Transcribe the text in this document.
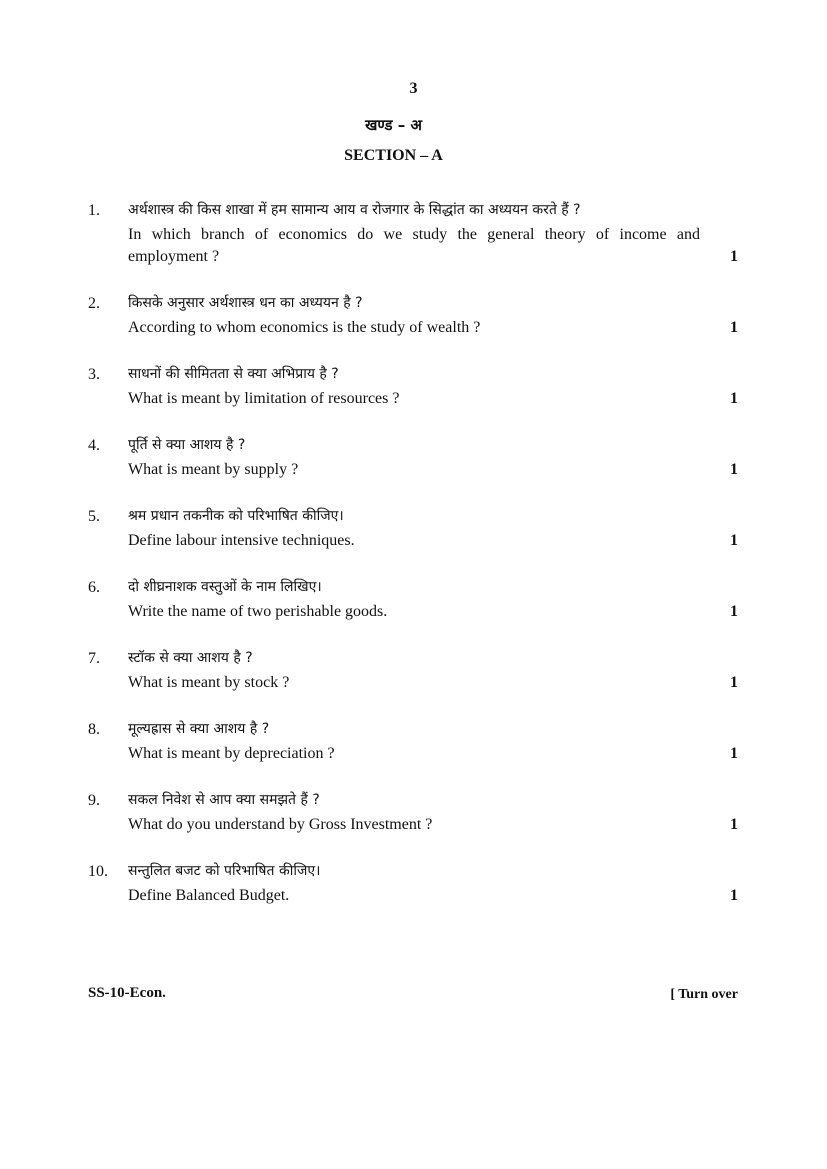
3
खण्ड – अ
SECTION – A
1. अर्थशास्त्र की किस शाखा में हम सामान्य आय व रोजगार के सिद्धांत का अध्ययन करते हैं ?
In which branch of economics do we study the general theory of income and employment ?	1
2. किसके अनुसार अर्थशास्त्र धन का अध्ययन है ?
According to whom economics is the study of wealth ?	1
3. साधनों की सीमितता से क्या अभिप्राय है ?
What is meant by limitation of resources ?	1
4. पूर्ति से क्या आशय है ?
What is meant by supply ?	1
5. श्रम प्रधान तकनीक को परिभाषित कीजिए।
Define labour intensive techniques.	1
6. दो शीघ्रनाशक वस्तुओं के नाम लिखिए।
Write the name of two perishable goods.	1
7. स्टॉक से क्या आशय है ?
What is meant by stock ?	1
8. मूल्यह्रास से क्या आशय है ?
What is meant by depreciation ?	1
9. सकल निवेश से आप क्या समझते हैं ?
What do you understand by Gross Investment ?	1
10. सन्तुलित बजट को परिभाषित कीजिए।
Define Balanced Budget.	1
SS-10-Econ.	[ Turn over
